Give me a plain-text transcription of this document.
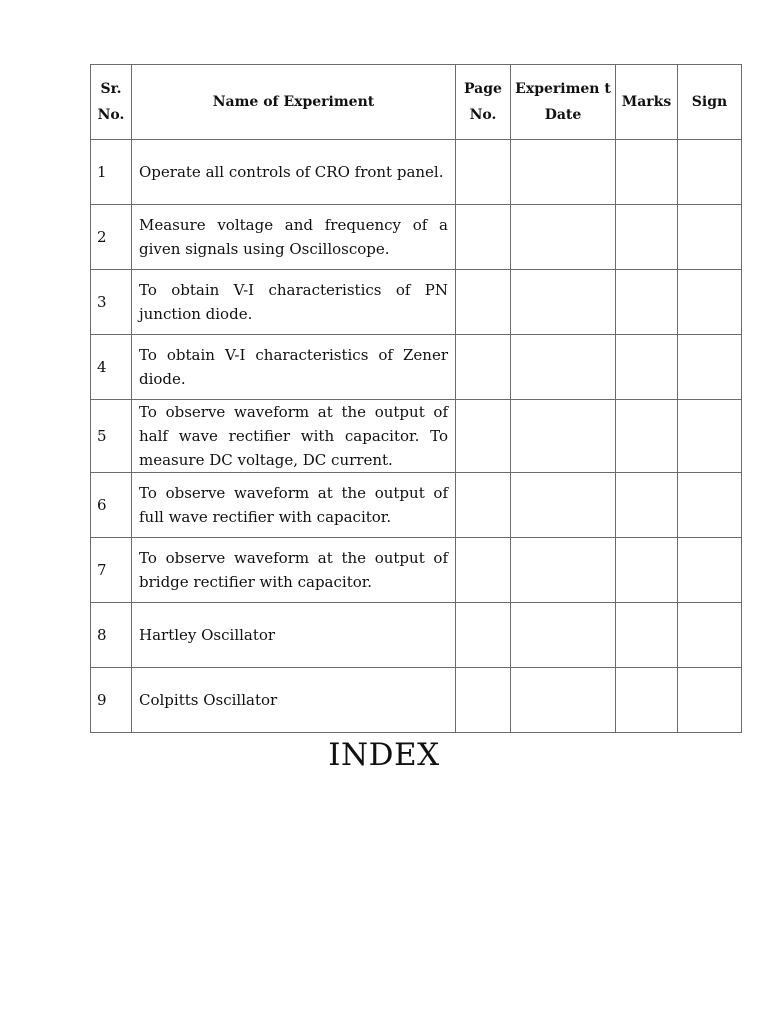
Sr. No.	Name of Experiment	Page No.	Experimen t Date	Marks	Sign
1	Operate all controls of CRO front panel.				
2	Measure voltage and frequency of a given signals using Oscilloscope.				
3	To obtain V-I characteristics of PN junction diode.				
4	To obtain V-I characteristics of Zener diode.				
5	To observe waveform at the output of half wave rectifier with capacitor. To measure DC voltage, DC current.				
6	To observe waveform at the output of full wave rectifier with capacitor.				
7	To observe waveform at the output of bridge rectifier with capacitor.				
8	Hartley Oscillator				
9	Colpitts Oscillator				
INDEX
